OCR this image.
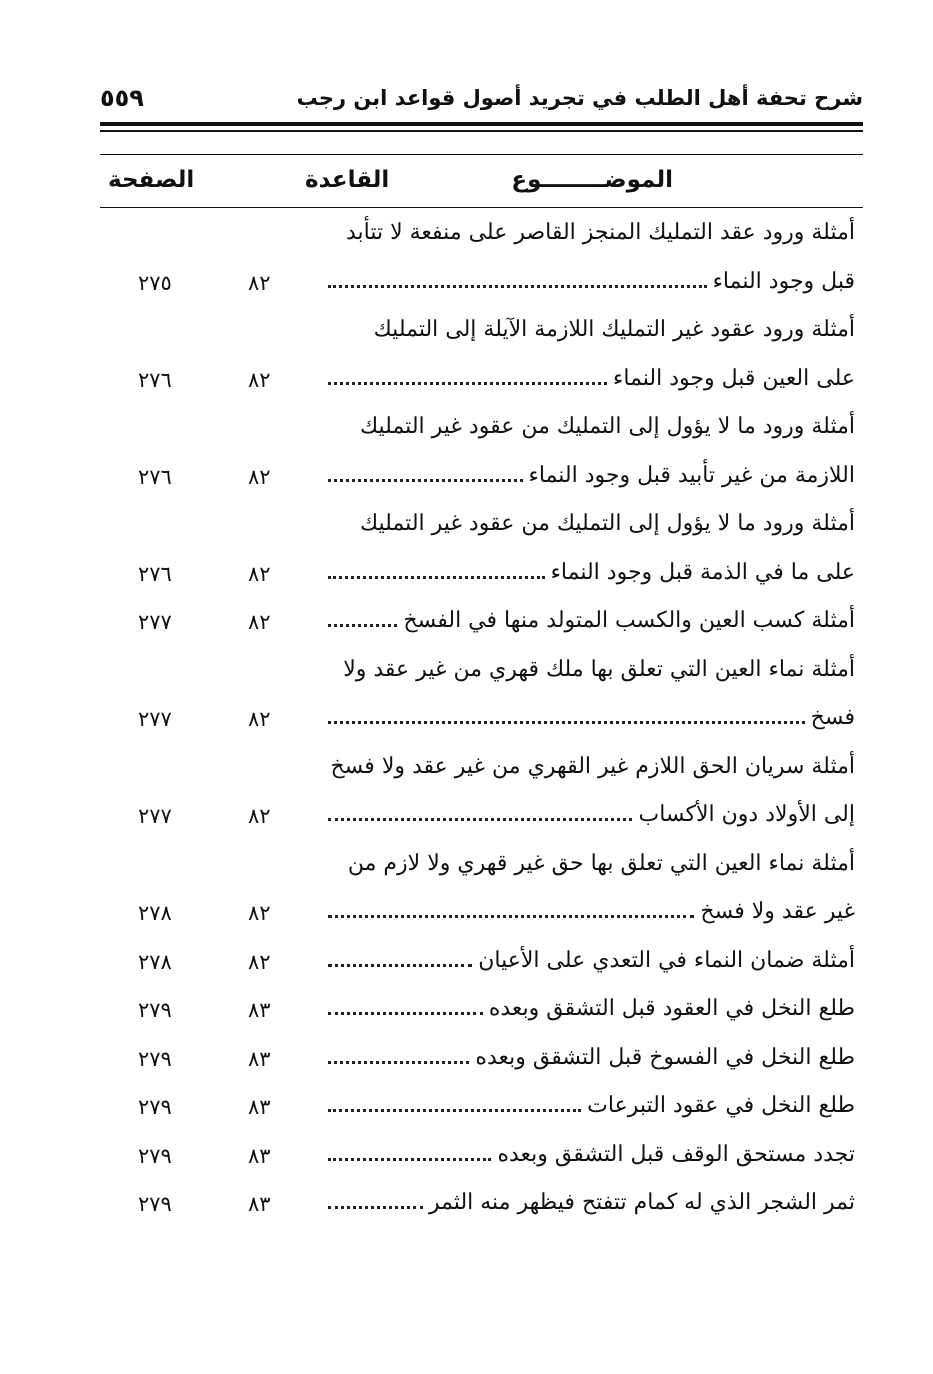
شرح تحفة أهل الطلب في تجريد أصول قواعد ابن رجب
٥٥٩
الموضــــــــوع
القاعدة
الصفحة
أمثلة ورود عقد التمليك المنجز القاصر على منفعة لا تتأبد
قبل وجود النماء
٨٢
٢٧٥
أمثلة ورود عقود غير التمليك اللازمة الآيلة إلى التمليك
على العين قبل وجود النماء
٨٢
٢٧٦
أمثلة ورود ما لا يؤول إلى التمليك من عقود غير التمليك
اللازمة من غير تأبيد قبل وجود النماء
٨٢
٢٧٦
أمثلة ورود ما لا يؤول إلى التمليك من عقود غير التمليك
على ما في الذمة قبل وجود النماء
٨٢
٢٧٦
أمثلة كسب العين والكسب المتولد منها في الفسخ
٨٢
٢٧٧
أمثلة نماء العين التي تعلق بها ملك قهري من غير عقد ولا
فسخ
٨٢
٢٧٧
أمثلة سريان الحق اللازم غير القهري من غير عقد ولا فسخ
إلى الأولاد دون الأكساب
٨٢
٢٧٧
أمثلة نماء العين التي تعلق بها حق غير قهري ولا لازم من
غير عقد ولا فسخ
٨٢
٢٧٨
أمثلة ضمان النماء في التعدي على الأعيان
٨٢
٢٧٨
طلع النخل في العقود قبل التشقق وبعده
٨٣
٢٧٩
طلع النخل في الفسوخ قبل التشقق وبعده
٨٣
٢٧٩
طلع النخل في عقود التبرعات
٨٣
٢٧٩
تجدد مستحق الوقف قبل التشقق وبعده
٨٣
٢٧٩
ثمر الشجر الذي له كمام تتفتح فيظهر منه الثمر
٨٣
٢٧٩
